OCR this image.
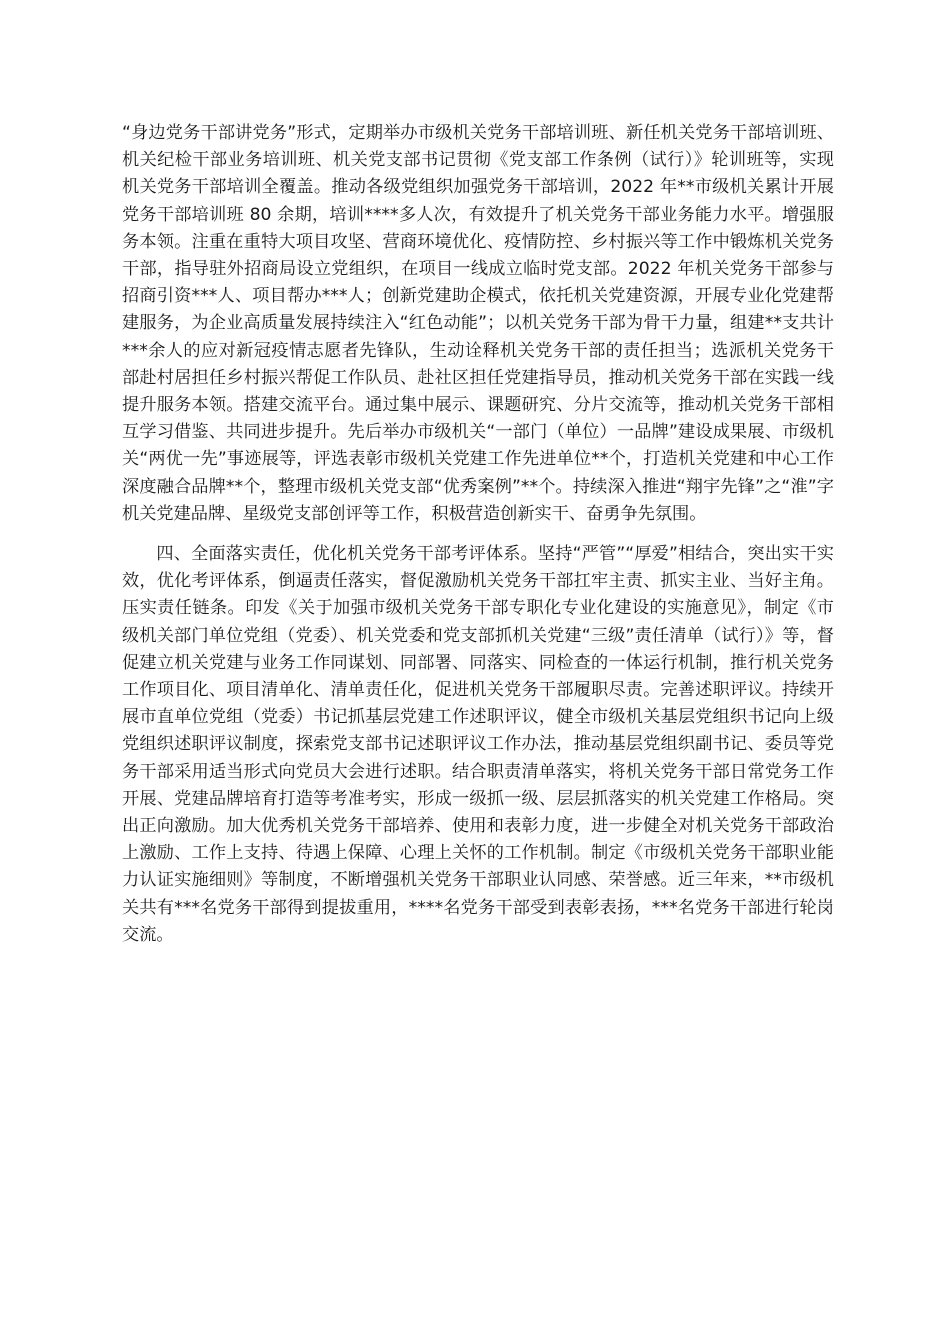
“身边党务干部讲党务”形式，定期举办市级机关党务干部培训班、新任机关党务干部培训班、机关纪检干部业务培训班、机关党支部书记贯彻《党支部工作条例（试行）》轮训班等，实现机关党务干部培训全覆盖。推动各级党组织加强党务干部培训，2022 年**市级机关累计开展党务干部培训班 80 余期，培训****多人次，有效提升了机关党务干部业务能力水平。增强服务本领。注重在重特大项目攻坚、营商环境优化、疫情防控、乡村振兴等工作中锻炼机关党务干部，指导驻外招商局设立党组织，在项目一线成立临时党支部。2022 年机关党务干部参与招商引资***人、项目帮办***人；创新党建助企模式，依托机关党建资源，开展专业化党建帮建服务，为企业高质量发展持续注入“红色动能”；以机关党务干部为骨干力量，组建**支共计***余人的应对新冠疫情志愿者先锋队，生动诠释机关党务干部的责任担当；选派机关党务干部赴村居担任乡村振兴帮促工作队员、赴社区担任党建指导员，推动机关党务干部在实践一线提升服务本领。搭建交流平台。通过集中展示、课题研究、分片交流等，推动机关党务干部相互学习借鉴、共同进步提升。先后举办市级机关“一部门（单位）一品牌”建设成果展、市级机关“两优一先”事迹展等，评选表彰市级机关党建工作先进单位**个，打造机关党建和中心工作深度融合品牌**个，整理市级机关党支部“优秀案例”**个。持续深入推进“翔宇先锋”之“淮”字机关党建品牌、星级党支部创评等工作，积极营造创新实干、奋勇争先氛围。

四、全面落实责任，优化机关党务干部考评体系。坚持“严管”“厚爱”相结合，突出实干实效，优化考评体系，倒逼责任落实，督促激励机关党务干部扛牢主责、抓实主业、当好主角。压实责任链条。印发《关于加强市级机关党务干部专职化专业化建设的实施意见》，制定《市级机关部门单位党组（党委）、机关党委和党支部抓机关党建“三级”责任清单（试行）》等，督促建立机关党建与业务工作同谋划、同部署、同落实、同检查的一体运行机制，推行机关党务工作项目化、项目清单化、清单责任化，促进机关党务干部履职尽责。完善述职评议。持续开展市直单位党组（党委）书记抓基层党建工作述职评议，健全市级机关基层党组织书记向上级党组织述职评议制度，探索党支部书记述职评议工作办法，推动基层党组织副书记、委员等党务干部采用适当形式向党员大会进行述职。结合职责清单落实，将机关党务干部日常党务工作开展、党建品牌培育打造等考准考实，形成一级抓一级、层层抓落实的机关党建工作格局。突出正向激励。加大优秀机关党务干部培养、使用和表彰力度，进一步健全对机关党务干部政治上激励、工作上支持、待遇上保障、心理上关怀的工作机制。制定《市级机关党务干部职业能力认证实施细则》等制度，不断增强机关党务干部职业认同感、荣誉感。近三年来，**市级机关共有***名党务干部得到提拔重用，****名党务干部受到表彰表扬，***名党务干部进行轮岗交流。
